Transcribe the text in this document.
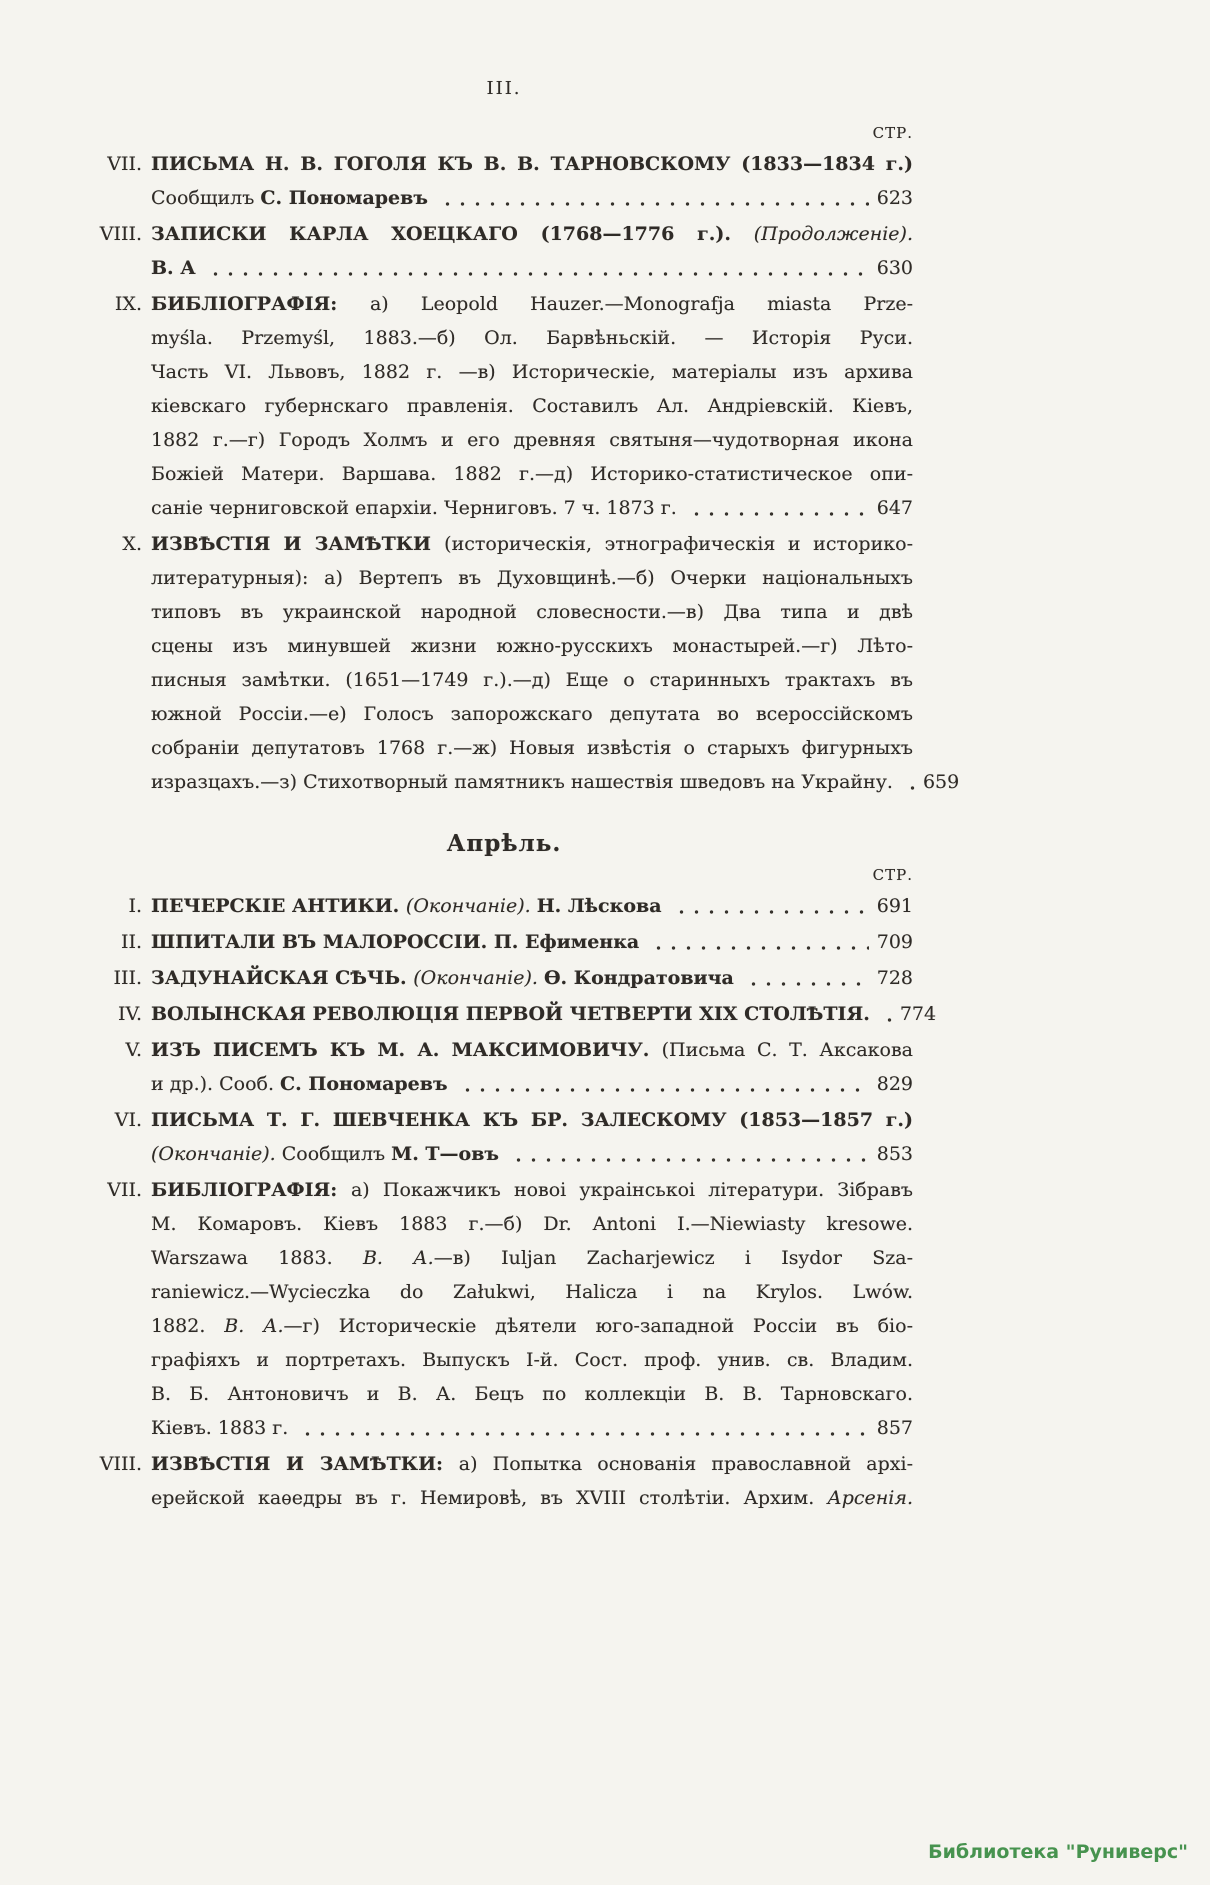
III.
СТР.
VII. ПИСЬМА Н. В. ГОГОЛЯ КЪ В. В. ТАРНОВСКОМУ (1833—1834 г.)
Сообщилъ С. Пономаревъ	623
VIII. ЗАПИСКИ КАРЛА ХОЕЦКАГО (1768—1776 г.). (Продолженіе).
В. А	630
IX. БИБЛІОГРАФІЯ: а) Leopold Hauzer.—Monografja miasta Prze-
myśla. Przemyśl, 1883.—б) Ол. Барвѣньскій. — Исторія Руси.
Часть VI. Львовъ, 1882 г. —в) Историческіе, матеріалы изъ архива
кіевскаго губернскаго правленія. Составилъ Ал. Андріевскій. Кіевъ,
1882 г.—г) Городъ Холмъ и его древняя святыня—чудотворная икона
Божіей Матери. Варшава. 1882 г.—д) Историко-статистическое опи-
саніе черниговской епархіи. Черниговъ. 7 ч. 1873 г.	647
X. ИЗВѢСТІЯ И ЗАМѢТКИ (историческія, этнографическія и историко-
литературныя): а) Вертепъ въ Духовщинѣ.—б) Очерки національныхъ
типовъ въ украинской народной словесности.—в) Два типа и двѣ
сцены изъ минувшей жизни южно-русскихъ монастырей.—г) Лѣто-
писныя замѣтки. (1651—1749 г.).—д) Еще о старинныхъ трактахъ въ
южной Россіи.—е) Голосъ запорожскаго депутата во всероссійскомъ
собраніи депутатовъ 1768 г.—ж) Новыя извѣстія о старыхъ фигурныхъ
изразцахъ.—з) Стихотворный памятникъ нашествія шведовъ на Украйну. 659
Апрѣль.
СТР.
I. ПЕЧЕРСКІЕ АНТИКИ. (Окончаніе). Н. Лѣскова	691
II. ШПИТАЛИ ВЪ МАЛОРОССІИ. П. Ефименка	709
III. ЗАДУНАЙСКАЯ СѢЧЬ. (Окончаніе). Ѳ. Кондратовича	728
IV. ВОЛЫНСКАЯ РЕВОЛЮЦІЯ ПЕРВОЙ ЧЕТВЕРТИ XIX СТОЛѢТІЯ. 774
V. ИЗЪ ПИСЕМЪ КЪ М. А. МАКСИМОВИЧУ. (Письма С. Т. Аксакова
и др.). Сооб. С. Пономаревъ	829
VI. ПИСЬМА Т. Г. ШЕВЧЕНКА КЪ БР. ЗАЛЕСКОМУ (1853—1857 г.)
(Окончаніе). Сообщилъ М. Т—овъ	853
VII. БИБЛІОГРАФІЯ: а) Покажчикъ новоі украінськоі літератури. Зібравъ
М. Комаровъ. Кіевъ 1883 г.—б) Dr. Antoni I.—Niewiasty kresowe.
Warszawa 1883. В. А.—в) Iuljan Zacharjewicz i Isydor Sza-
raniewicz.—Wycieczka do Załukwi, Halicza i na Krylos. Lwów.
1882. В. А.—г) Историческіе дѣятели юго-западной Россіи въ біо-
графіяхъ и портретахъ. Выпускъ I-й. Сост. проф. унив. св. Владим.
В. Б. Антоновичъ и В. А. Бецъ по коллекціи В. В. Тарновскаго.
Кіевъ. 1883 г.	857
VIII. ИЗВѢСТІЯ И ЗАМѢТКИ: а) Попытка основанія православной архі-
ерейской каѳедры въ г. Немировѣ, въ XVIII столѣтіи. Архим. Арсенія.
Библиотека "Руниверс"
